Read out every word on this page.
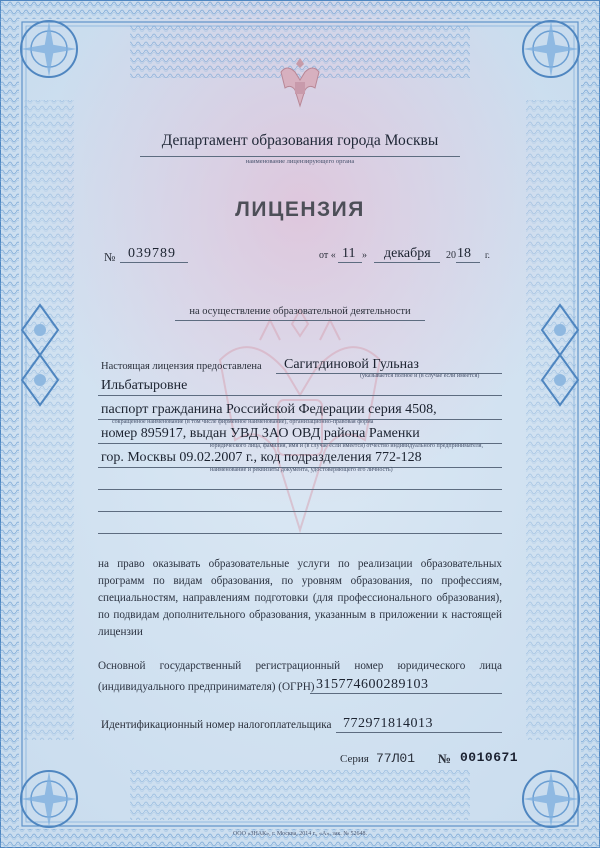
Департамент образования города Москвы
наименование лицензирующего органа
ЛИЦЕНЗИЯ
№ 039789	от « 11 » декабря 20 18 г.
на осуществление образовательной деятельности
Настоящая лицензия предоставлена Сагитдиновой Гульназ
(указывается полное и (в случае если имеется)
Ильбатыровне
паспорт гражданина Российской Федерации серия 4508,
сокращенное наименование (в том числе фирменное наименование), организационно-правовая форма
номер 895917, выдан УВД ЗАО ОВД района Раменки
юридического лица, фамилия, имя и (в случае если имеется) отчество индивидуального предпринимателя,
гор. Москвы 09.02.2007 г., код подразделения 772-128
наименование и реквизиты документа, удостоверяющего его личность)
на право оказывать образовательные услуги по реализации образовательных программ по видам образования, по уровням образования, по профессиям, специальностям, направлениям подготовки (для профессионального образования), по подвидам дополнительного образования, указанным в приложении к настоящей лицензии
Основной государственный регистрационный номер юридического лица
(индивидуального предпринимателя) (ОГРН) 315774600289103
Идентификационный номер налогоплательщика 772971814013
Серия 77Л01 № 0010671
ООО «ЗНАК», г. Москва, 2014 г., «А», зак. № 52648.
